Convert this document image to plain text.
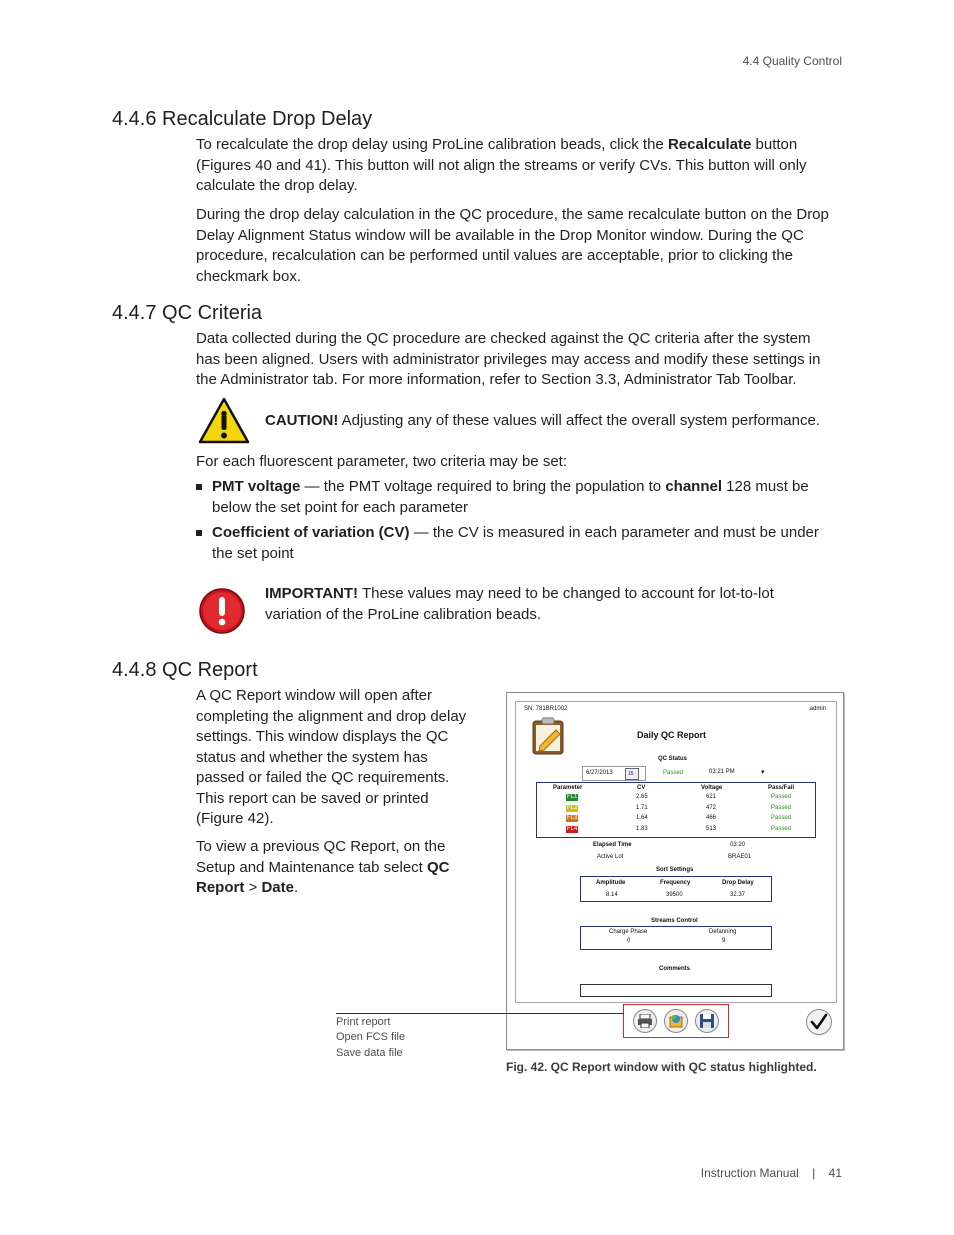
4.4 Quality Control
4.4.6 Recalculate Drop Delay

To recalculate the drop delay using ProLine calibration beads, click the Recalculate button (Figures 40 and 41). This button will not align the streams or verify CVs. This button will only calculate the drop delay.

During the drop delay calculation in the QC procedure, the same recalculate button on the Drop Delay Alignment Status window will be available in the Drop Monitor window. During the QC procedure, recalculation can be performed until values are acceptable, prior to clicking the checkmark box.

4.4.7 QC Criteria

Data collected during the QC procedure are checked against the QC criteria after the system has been aligned. Users with administrator privileges may access and modify these settings in the Administrator tab. For more information, refer to Section 3.3, Administrator Tab Toolbar.

CAUTION! Adjusting any of these values will affect the overall system performance.

For each fluorescent parameter, two criteria may be set:

PMT voltage — the PMT voltage required to bring the population to channel 128 must be below the set point for each parameter
Coefficient of variation (CV) — the CV is measured in each parameter and must be under the set point

IMPORTANT! These values may need to be changed to account for lot-to-lot variation of the ProLine calibration beads.

4.4.8 QC Report

A QC Report window will open after completing the alignment and drop delay settings. This window displays the QC status and whether the system has passed or failed the QC requirements. This report can be saved or printed (Figure 42).

To view a previous QC Report, on the Setup and Maintenance tab select QC Report > Date.

SN: 781BR1002	admin
Daily QC Report
QC Status
6/27/2013	15	Passed	03:21 PM	▾
Parameter	CV	Voltage	Pass/Fail
FL1	2.65	621	Passed
FL2	1.71	472	Passed
FL3	1.64	466	Passed
FL4	1.83	513	Passed
Elapsed Time	03:20
Active Lot	BRAE01
Sort Settings
Amplitude	Frequency	Drop Delay
8.14	39500	32.37
Streams Control
Charge Phase	Defanning
0	9
Comments
Print report
Open FCS file
Save data file
Fig. 42. QC Report window with QC status highlighted.
Instruction Manual | 41
